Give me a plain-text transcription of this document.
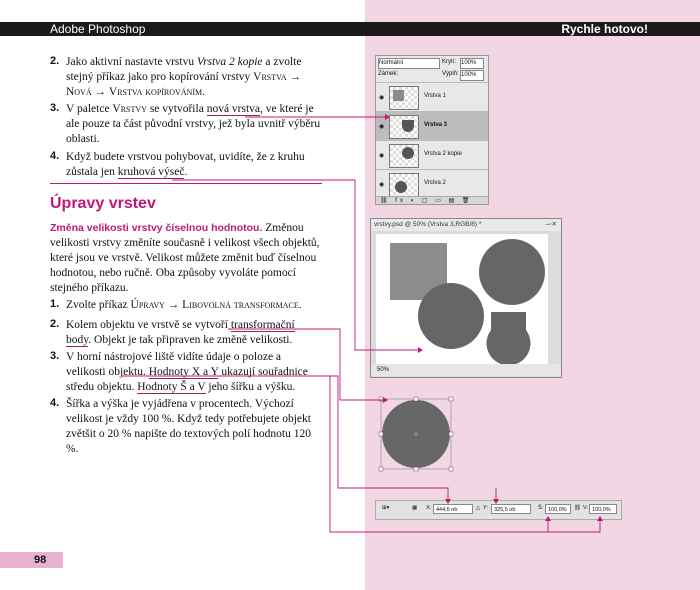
Adobe Photoshop	Rychle hotovo!
2. Jako aktivní nastavte vrstvu Vrstva 2 kopie a zvolte stejný příkaz jako pro kopírování vrstvy Vrstva → Nová → Vrstva kopírováním.
3. V paletce Vrstvy se vytvořila nová vrstva, ve které je ale pouze ta část původní vrstvy, jež byla uvnitř výběru oblasti.
4. Když budete vrstvou pohybovat, uvidíte, že z kruhu zůstala jen kruhová výseč.
Úpravy vrstev
Změna velikosti vrstvy číselnou hodnotou. Změnou velikosti vrstvy změníte současně i velikost všech objektů, které jsou ve vrstvě. Velikost můžete změnit buď číselnou hodnotou, nebo ručně. Oba způsoby vyvoláte pomocí stejného příkazu.
1. Zvolte příkaz Úpravy → Libovolná transformace.
2. Kolem objektu ve vrstvě se vytvoří transformační body. Objekt je tak připraven ke změně velikosti.
3. V horní nástrojové liště vidíte údaje o poloze a velikosti objektu. Hodnoty X a Y ukazují souřadnice středu objektu. Hodnoty Š a V jeho šířku a výšku.
4. Šířka a výška je vyjádřena v procentech. Výchozí velikost je vždy 100 %. Když tedy potřebujete objekt zvětšit o 20 % napište do textových polí hodnotu 120 %.
98
Normální	Krytí: 100%
Zámek:	Výplň: 100%
◉	Vrstva 1
◉	Vrstva 3
◉	Vrstva 2 kopie
◉	Vrstva 2
⛓ fx ◐ ▢ ▭ ▤ 🗑
vrstvy.psd @ 50% (Vrstva 3,RGB/8) *	–▫✕
50%
⊞▾	▦ X: 444,5 ob	△ Y:	325,5 ob	Š: 100,0%	⛓ V: 100,0%
